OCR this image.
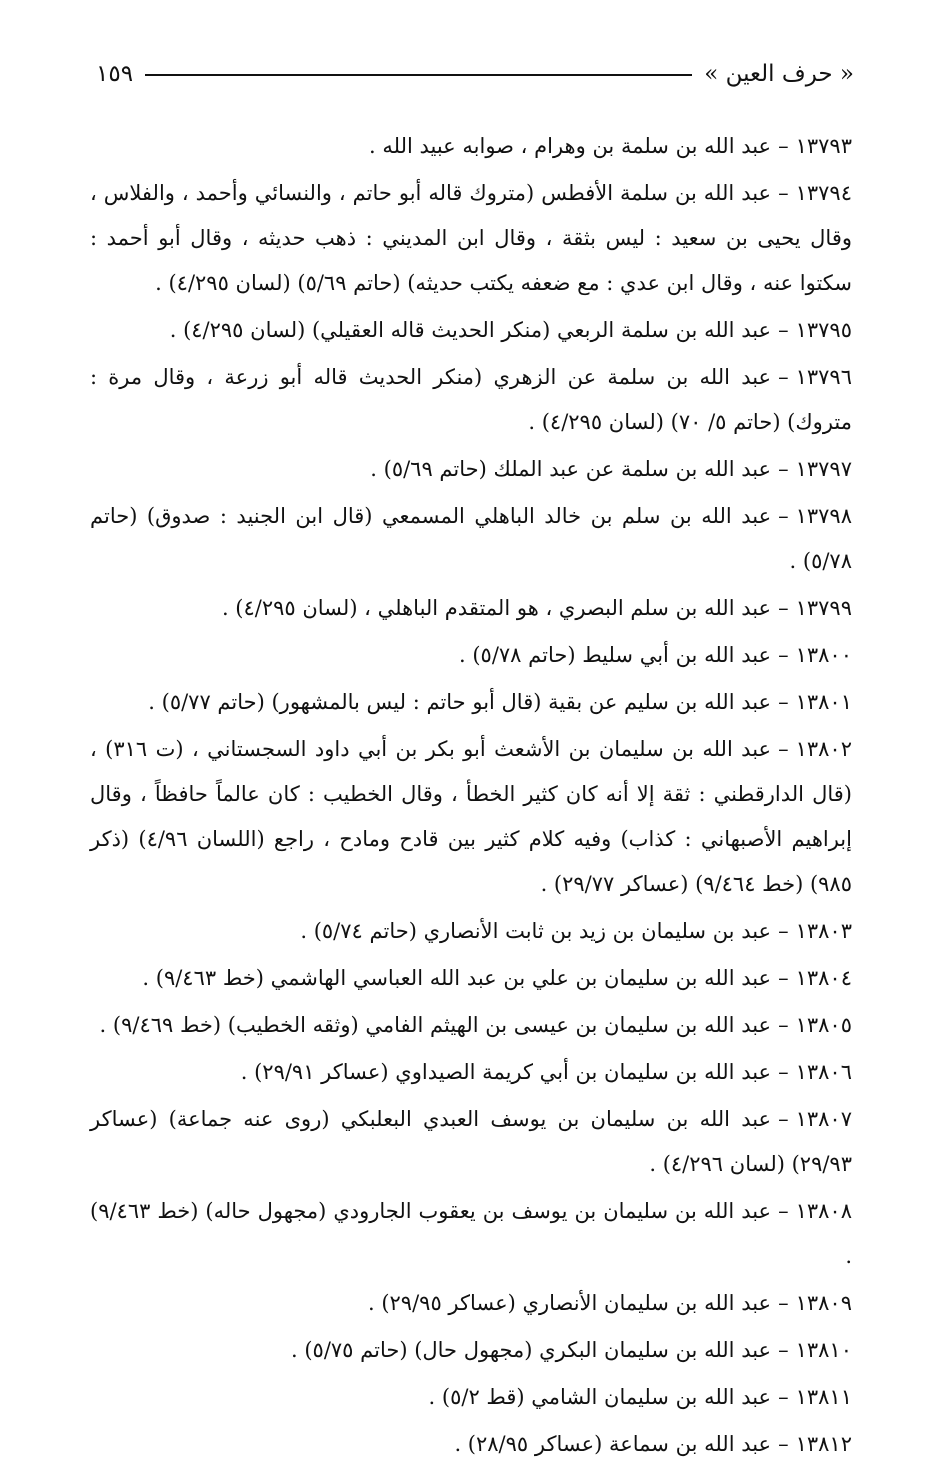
« حرف العين »
١٥٩

١٣٧٩٣–عبد الله بن سلمة بن وهرام ، صوابه عبيد الله .

١٣٧٩٤–عبد الله بن سلمة الأفطس (متروك قاله أبو حاتم ، والنسائي وأحمد ، والفلاس ، وقال يحيى بن سعيد : ليس بثقة ، وقال ابن المديني : ذهب حديثه ، وقال أبو أحمد : سكتوا عنه ، وقال ابن عدي : مع ضعفه يكتب حديثه) (حاتم ٥/٦٩) (لسان ٤/٢٩٥) .

١٣٧٩٥–عبد الله بن سلمة الربعي (منكر الحديث قاله العقيلي) (لسان ٤/٢٩٥) .

١٣٧٩٦–عبد الله بن سلمة عن الزهري (منكر الحديث قاله أبو زرعة ، وقال مرة : متروك) (حاتم ٥/ ٧٠) (لسان ٤/٢٩٥) .

١٣٧٩٧–عبد الله بن سلمة عن عبد الملك (حاتم ٥/٦٩) .

١٣٧٩٨–عبد الله بن سلم بن خالد الباهلي المسمعي (قال ابن الجنيد : صدوق) (حاتم ٥/٧٨) .

١٣٧٩٩–عبد الله بن سلم البصري ، هو المتقدم الباهلي ، (لسان ٤/٢٩٥) .

١٣٨٠٠–عبد الله بن أبي سليط (حاتم ٥/٧٨) .

١٣٨٠١–عبد الله بن سليم عن بقية (قال أبو حاتم : ليس بالمشهور) (حاتم ٥/٧٧) .

١٣٨٠٢–عبد الله بن سليمان بن الأشعث أبو بكر بن أبي داود السجستاني ، (ت ٣١٦) ، (قال الدارقطني : ثقة إلا أنه كان كثير الخطأ ، وقال الخطيب : كان عالماً حافظاً ، وقال إبراهيم الأصبهاني : كذاب) وفيه كلام كثير بين قادح ومادح ، راجع (اللسان ٤/٩٦) (ذكر ٩٨٥) (خط ٩/٤٦٤) (عساكر ٢٩/٧٧) .

١٣٨٠٣–عبد بن سليمان بن زيد بن ثابت الأنصاري (حاتم ٥/٧٤) .

١٣٨٠٤–عبد الله بن سليمان بن علي بن عبد الله العباسي الهاشمي (خط ٩/٤٦٣) .

١٣٨٠٥–عبد الله بن سليمان بن عيسى بن الهيثم الفامي (وثقه الخطيب) (خط ٩/٤٦٩) .

١٣٨٠٦–عبد الله بن سليمان بن أبي كريمة الصيداوي (عساكر ٢٩/٩١) .

١٣٨٠٧–عبد الله بن سليمان بن يوسف العبدي البعلبكي (روى عنه جماعة) (عساكر ٢٩/٩٣) (لسان ٤/٢٩٦) .

١٣٨٠٨–عبد الله بن سليمان بن يوسف بن يعقوب الجارودي (مجهول حاله) (خط ٩/٤٦٣) .

١٣٨٠٩–عبد الله بن سليمان الأنصاري (عساكر ٢٩/٩٥) .

١٣٨١٠–عبد الله بن سليمان البكري (مجهول حال) (حاتم ٥/٧٥) .

١٣٨١١–عبد الله بن سليمان الشامي (قط ٥/٢) .

١٣٨١٢–عبد الله بن سماعة (عساكر ٢٨/٩٥) .
